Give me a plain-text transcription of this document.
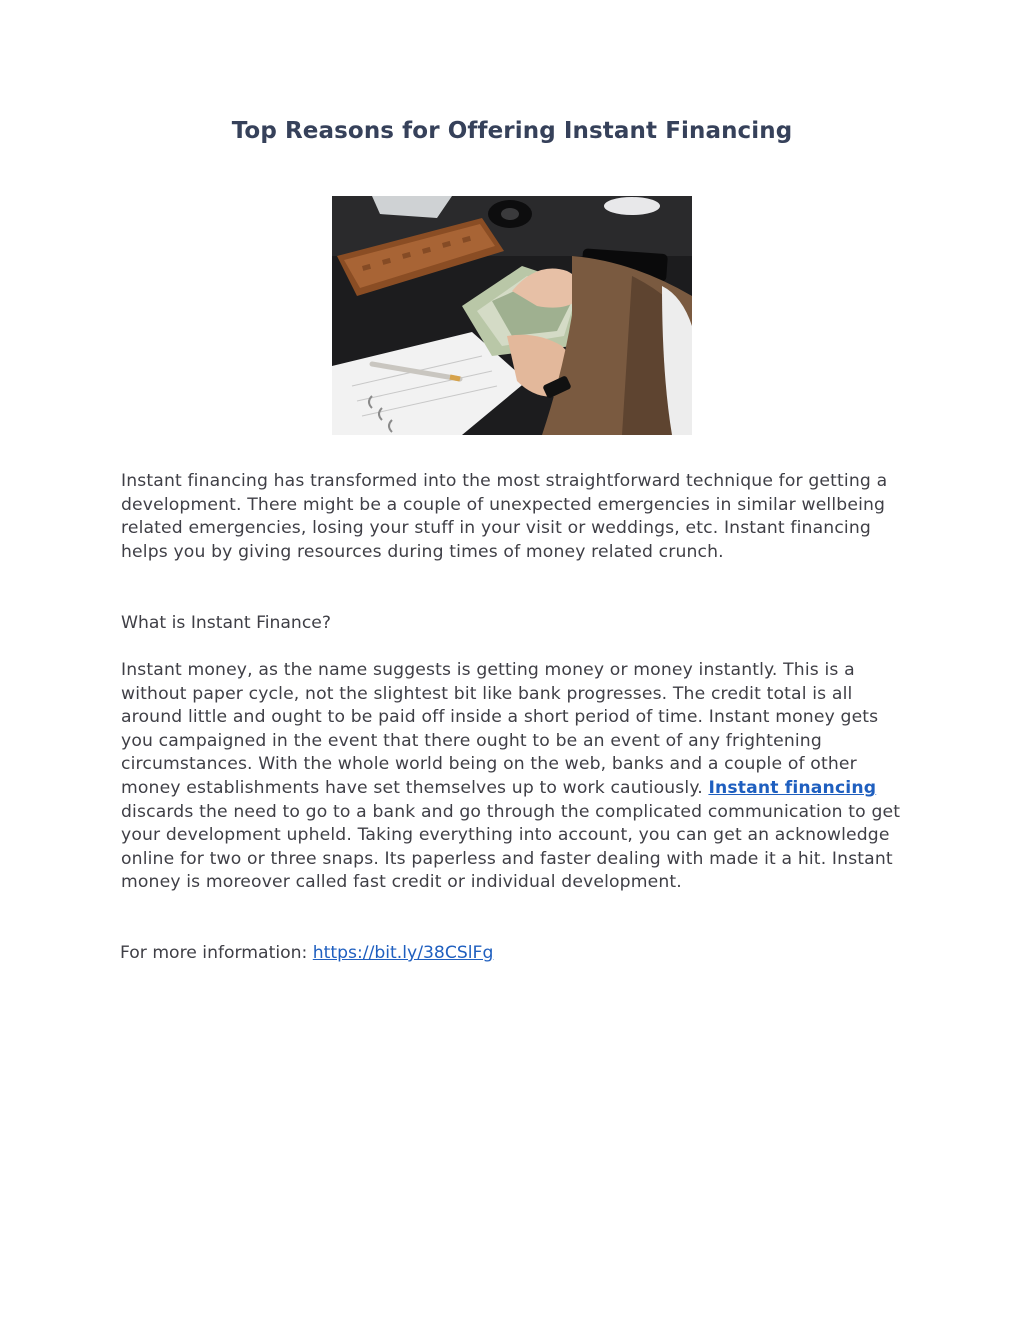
Top Reasons for Offering Instant Financing
Instant financing has transformed into the most straightforward technique for getting a development. There might be a couple of unexpected emergencies in similar wellbeing related emergencies, losing your stuff in your visit or weddings, etc. Instant financing helps you by giving resources during times of money related crunch.
What is Instant Finance?
Instant money, as the name suggests is getting money or money instantly. This is a without paper cycle, not the slightest bit like bank progresses. The credit total is all around little and ought to be paid off inside a short period of time. Instant money gets you campaigned in the event that there ought to be an event of any frightening circumstances. With the whole world being on the web, banks and a couple of other money establishments have set themselves up to work cautiously. Instant financing discards the need to go to a bank and go through the complicated communication to get your development upheld. Taking everything into account, you can get an acknowledge online for two or three snaps. Its paperless and faster dealing with made it a hit. Instant money is moreover called fast credit or individual development.
For more information: https://bit.ly/38CSlFg
